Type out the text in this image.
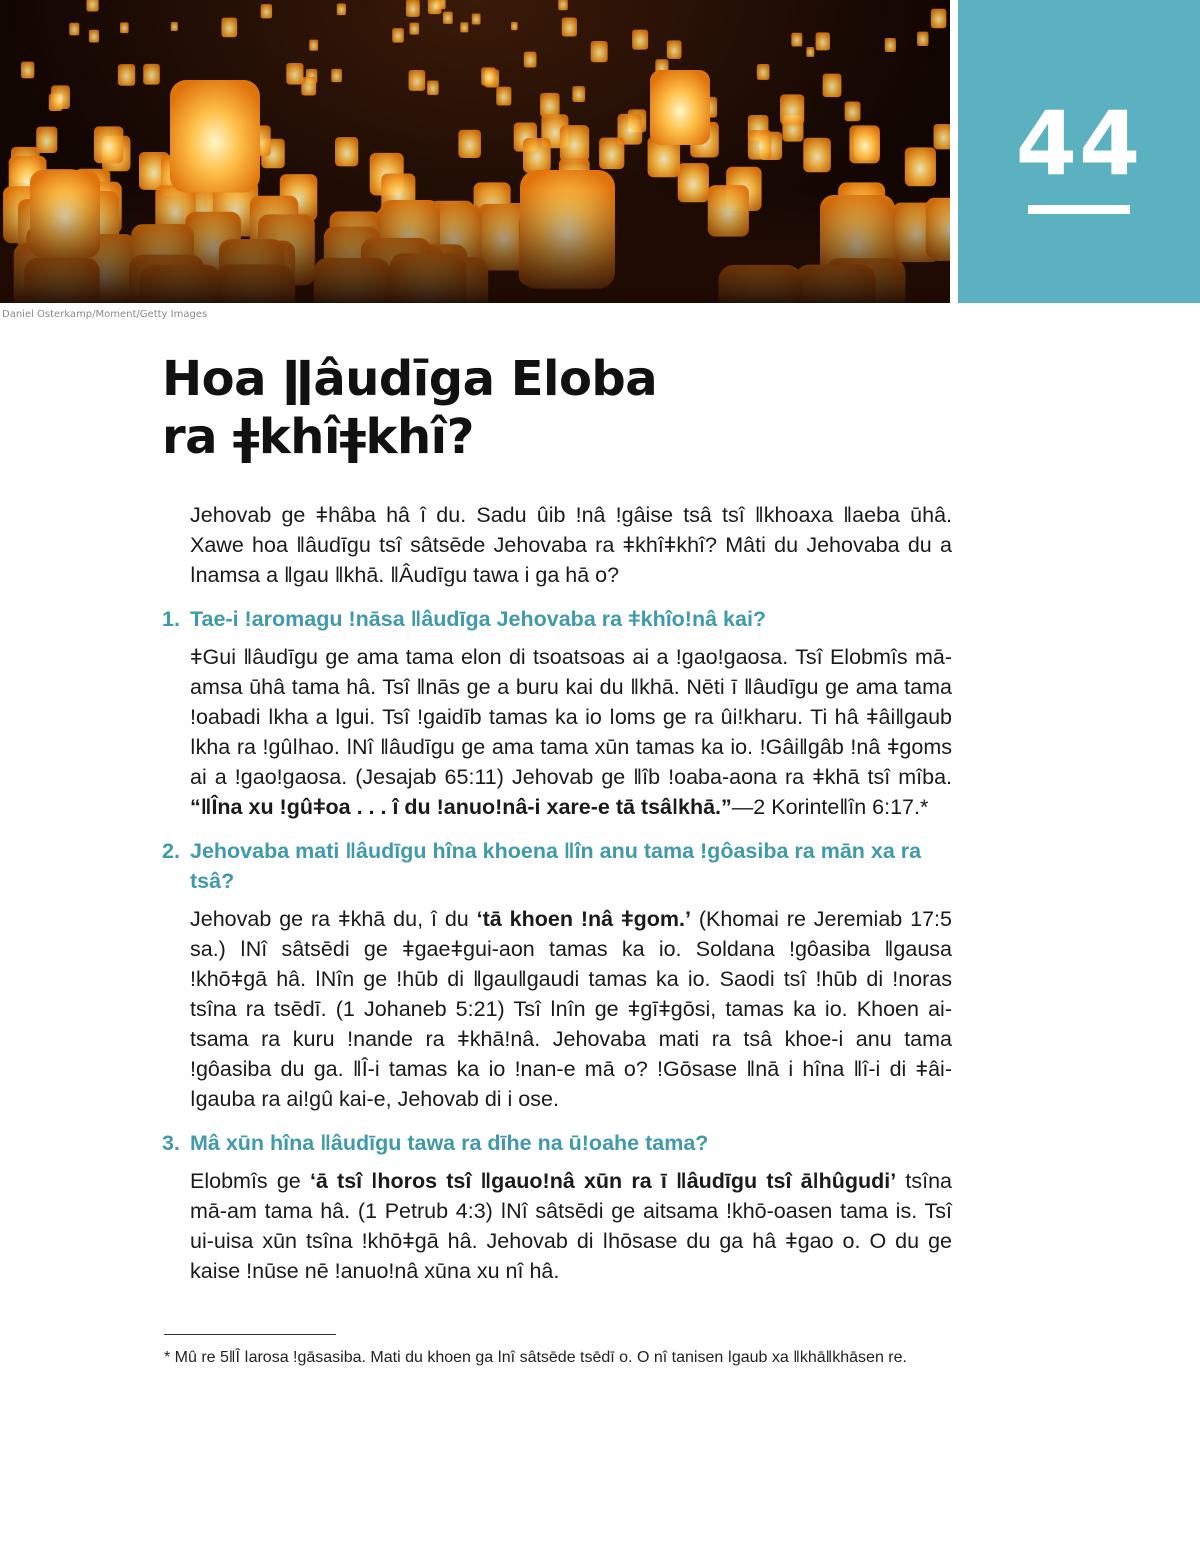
44
Daniel Osterkamp/Moment/Getty Images
Hoa ǁâudīga Eloba
ra ǂkhîǂkhî?

Jehovab ge ǂhâba hâ î du. Sadu ûib ǃnâ ǃgâise tsâ tsî ǁkhoaxa ǁaeba ūhâ. Xawe hoa ǁâudīgu tsî sâtsēde Jehovaba ra ǂkhîǂkhî? Mâti du Jehovaba du a ǀnamsa a ǁgau ǁkhā. ǁÂudīgu tawa i ga hā o?

1. Tae-i ǃaromagu ǃnāsa ǁâudīga Jehovaba ra ǂkhîoǃnâ kai?

ǂGui ǁâudīgu ge ama tama elon di tsoatsoas ai a ǃgaoǃgaosa. Tsî Elobmîs mā-amsa ūhâ tama hâ. Tsî ǁnās ge a buru kai du ǁkhā. Nēti ī ǁâudīgu ge ama tama ǃoabadi ǀkha a ǀgui. Tsî ǃgaidīb tamas ka io ǀoms ge ra ûiǃkharu. Ti hâ ǂâiǁgaub ǀkha ra ǃgûǀhao. ǀNî ǁâudīgu ge ama tama xūn tamas ka io. ǃGâiǁgâb ǃnâ ǂgoms ai a ǃgaoǃgaosa. (Jesajab 65:11) Jehovab ge ǁîb ǃoaba-aona ra ǂkhā tsî mîba. “ǁÎna xu ǃgûǂoa . . . î du ǃanuoǃnâ-i xare-e tā tsâǀkhā.”—2 Korinteǁîn 6:17.*

2. Jehovaba mati ǁâudīgu hîna khoena ǁîn anu tama ǃgôasiba ra mān xa ra tsâ?

Jehovab ge ra ǂkhā du, î du ‘tā khoen ǃnâ ǂgom.’ (Khomai re Jeremiab 17:5 sa.) ǀNî sâtsēdi ge ǂgaeǂgui-aon tamas ka io. Soldana ǃgôasiba ǁgausa ǃkhōǂgā hâ. ǀNîn ge ǃhūb di ǁgauǁgaudi tamas ka io. Saodi tsî ǃhūb di ǃnoras tsîna ra tsēdī. (1 Johaneb 5:21) Tsî ǀnîn ge ǂgīǂgōsi, tamas ka io. Khoen ai-tsama ra kuru ǃnande ra ǂkhāǃnâ. Jehovaba mati ra tsâ khoe-i anu tama ǃgôasiba du ga. ǁÎ-i tamas ka io ǃnan-e mā o? ǃGōsase ǁnā i hîna ǁî-i di ǂâi-ǀgauba ra aiǃgû kai-e, Jehovab di i ose.

3. Mâ xūn hîna ǁâudīgu tawa ra dīhe na ūǃoahe tama?

Elobmîs ge ‘ā tsî ǀhoros tsî ǁgauoǃnâ xūn ra ī ǁâudīgu tsî āǀhûgudi’ tsîna mā-am tama hâ. (1 Petrub 4:3) ǀNî sâtsēdi ge aitsama ǃkhō-oasen tama is. Tsî ui-uisa xūn tsîna ǃkhōǂgā hâ. Jehovab di ǀhōsase du ga hâ ǂgao o. O du ge kaise ǃnūse nē ǃanuoǃnâ xūna xu nî hâ.

* Mû re 5ǁÎ ǀarosa ǃgāsasiba. Mati du khoen ga ǀnî sâtsēde tsēdī o. O nî tanisen ǀgaub xa ǁkhāǁkhāsen re.
